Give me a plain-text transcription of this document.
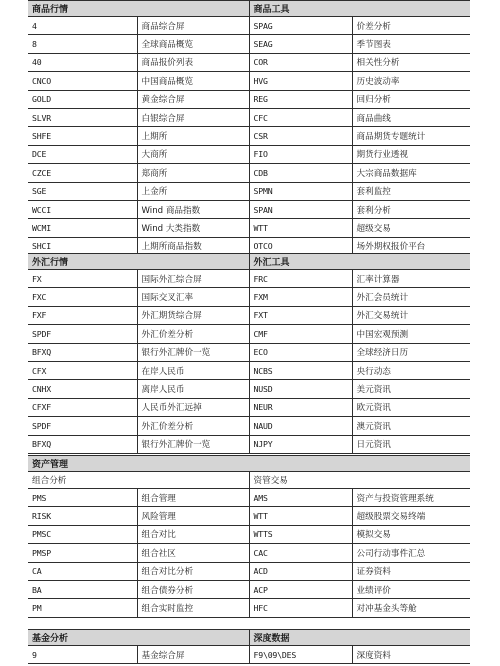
商品行情		商品工具	
4	商品综合屏	SPAG	价差分析
8	全球商品概览	SEAG	季节图表
40	商品报价列表	COR	相关性分析
CNCO	中国商品概览	HVG	历史波动率
GOLD	黄金综合屏	REG	回归分析
SLVR	白银综合屏	CFC	商品曲线
SHFE	上期所	CSR	商品期货专题统计
DCE	大商所	FIO	期货行业透视
CZCE	郑商所	CDB	大宗商品数据库
SGE	上金所	SPMN	套利监控
WCCI	Wind 商品指数	SPAN	套利分析
WCMI	Wind 大类指数	WTT	超级交易
SHCI	上期所商品指数	OTCO	场外期权报价平台
外汇行情		外汇工具	
FX	国际外汇综合屏	FRC	汇率计算器
FXC	国际交叉汇率	FXM	外汇会员统计
FXF	外汇期货综合屏	FXT	外汇交易统计
SPDF	外汇价差分析	CMF	中国宏观预测
BFXQ	银行外汇牌价一览	ECO	全球经济日历
CFX	在岸人民币	NCBS	央行动态
CNHX	离岸人民币	NUSD	美元资讯
CFXF	人民币外汇远掉	NEUR	欧元资讯
SPDF	外汇价差分析	NAUD	澳元资讯
BFXQ	银行外汇牌价一览	NJPY	日元资讯
资产管理			
组合分析		资管交易	
PMS	组合管理	AMS	资产与投资管理系统
RISK	风险管理	WTT	超级股票交易终端
PMSC	组合对比	WTTS	模拟交易
PMSP	组合社区	CAC	公司行动事件汇总
CA	组合对比分析	ACD	证券资料
BA	组合债券分析	ACP	业绩评价
PM	组合实时监控	HFC	对冲基金头等舱
基金分析		深度数据	
9	基金综合屏	F9\09\DES	深度资料
